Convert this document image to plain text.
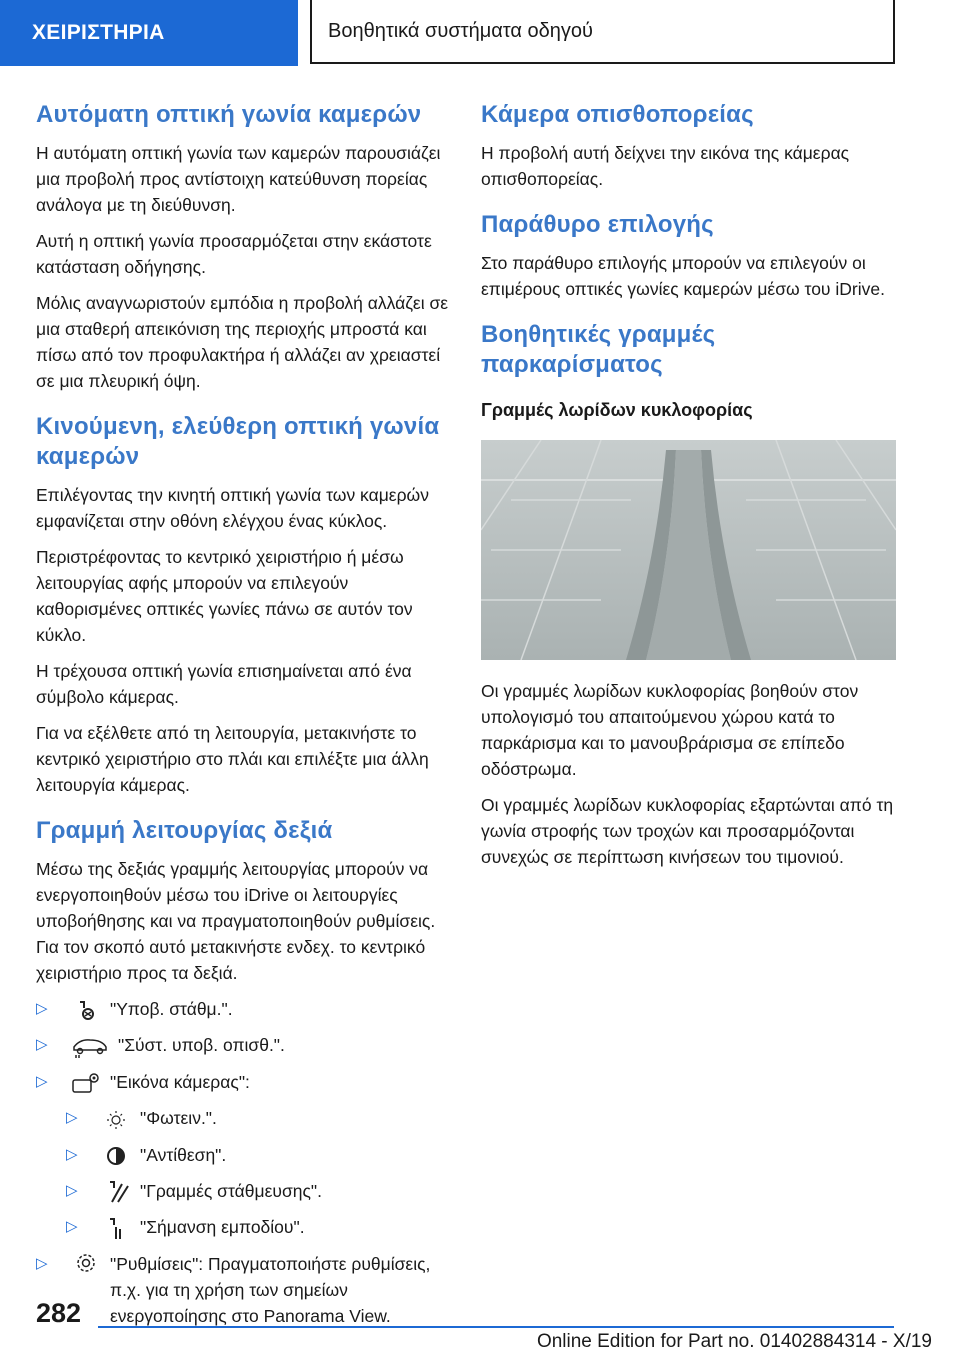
ΧΕΙΡΙΣΤΗΡΙΑ	Βοηθητικά συστήματα οδηγού
Αυτόματη οπτική γωνία καμερών

Η αυτόματη οπτική γωνία των καμερών παρουσιάζει μια προβολή προς αντίστοιχη κατεύθυνση πορείας ανάλογα με τη διεύθυνση.

Αυτή η οπτική γωνία προσαρμόζεται στην εκάστοτε κατάσταση οδήγησης.

Μόλις αναγνωριστούν εμπόδια η προβολή αλλάζει σε μια σταθερή απεικόνιση της περιοχής μπροστά και πίσω από τον προφυλακτήρα ή αλλάζει αν χρειαστεί σε μια πλευρική όψη.

Κινούμενη, ελεύθερη οπτική γωνία καμερών

Επιλέγοντας την κινητή οπτική γωνία των καμερών εμφανίζεται στην οθόνη ελέγχου ένας κύκλος.

Περιστρέφοντας το κεντρικό χειριστήριο ή μέσω λειτουργίας αφής μπορούν να επιλεγούν καθορισμένες οπτικές γωνίες πάνω σε αυτόν τον κύκλο.

Η τρέχουσα οπτική γωνία επισημαίνεται από ένα σύμβολο κάμερας.

Για να εξέλθετε από τη λειτουργία, μετακινήστε το κεντρικό χειριστήριο στο πλάι και επιλέξτε μια άλλη λειτουργία κάμερας.

Γραμμή λειτουργίας δεξιά

Μέσω της δεξιάς γραμμής λειτουργίας μπορούν να ενεργοποιηθούν μέσω του iDrive οι λειτουργίες υποβοήθησης και να πραγματοποιηθούν ρυθμίσεις. Για τον σκοπό αυτό μετακινήστε ενδεχ. το κεντρικό χειριστήριο προς τα δεξιά.

▷	"Υποβ. στάθμ.".
▷	"Σύστ. υποβ. οπισθ.".
▷	"Εικόνα κάμερας":
▷	"Φωτειν.".
▷	"Αντίθεση".
▷	"Γραμμές στάθμευσης".
▷	"Σήμανση εμποδίου".
▷	"Ρυθμίσεις": Πραγματοποιήστε ρυθμίσεις, π.χ. για τη χρήση των σημείων ενεργοποίησης στο Panorama View.
Κάμερα οπισθοπορείας

Η προβολή αυτή δείχνει την εικόνα της κάμερας οπισθοπορείας.

Παράθυρο επιλογής

Στο παράθυρο επιλογής μπορούν να επιλεγούν οι επιμέρους οπτικές γωνίες καμερών μέσω του iDrive.

Βοηθητικές γραμμές παρκαρίσματος
Γραμμές λωρίδων κυκλοφορίας

Οι γραμμές λωρίδων κυκλοφορίας βοηθούν στον υπολογισμό του απαιτούμενου χώρου κατά το παρκάρισμα και το μανουβράρισμα σε επίπεδο οδόστρωμα.

Οι γραμμές λωρίδων κυκλοφορίας εξαρτώνται από τη γωνία στροφής των τροχών και προσαρμόζονται συνεχώς σε περίπτωση κινήσεων του τιμονιού.

282
Online Edition for Part no. 01402884314 - X/19
